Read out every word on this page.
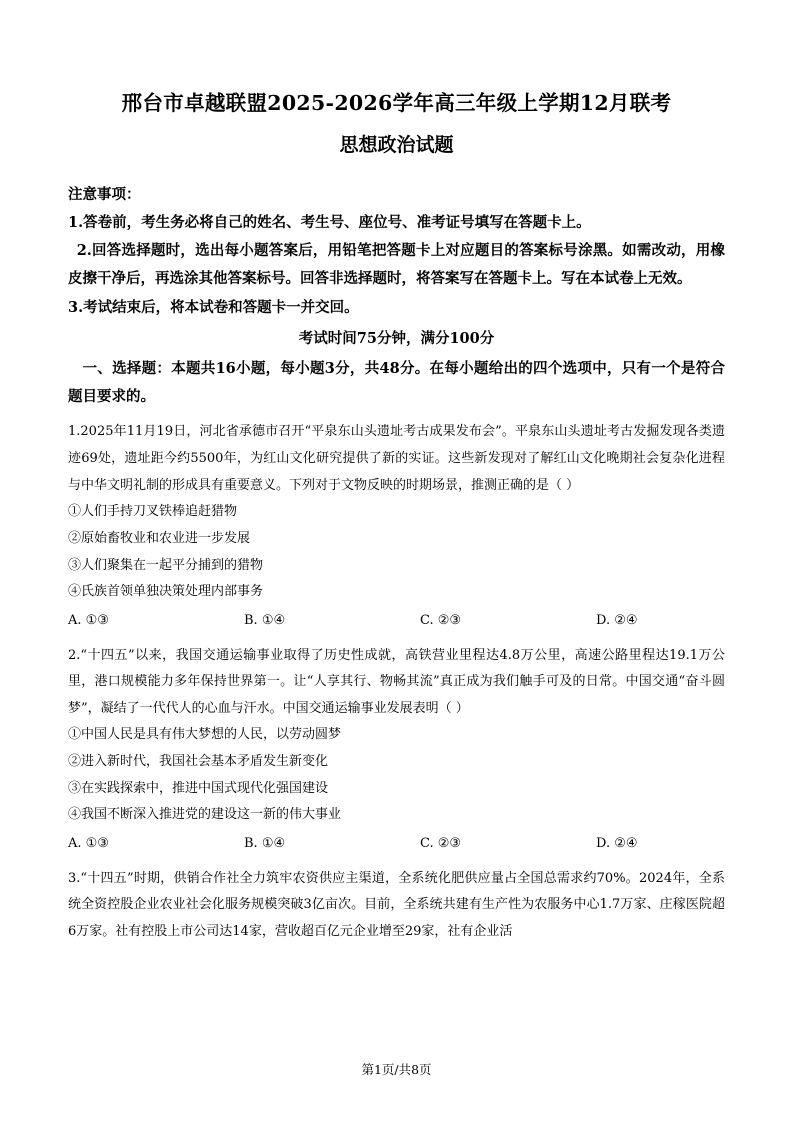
邢台市卓越联盟2025-2026学年高三年级上学期12月联考
思想政治试题
注意事项：
1.答卷前，考生务必将自己的姓名、考生号、座位号、准考证号填写在答题卡上。
2.回答选择题时，选出每小题答案后，用铅笔把答题卡上对应题目的答案标号涂黑。如需改动，用橡皮擦干净后，再选涂其他答案标号。回答非选择题时，将答案写在答题卡上。写在本试卷上无效。
3.考试结束后，将本试卷和答题卡一并交回。
考试时间75分钟，满分100分
一、选择题：本题共16小题，每小题3分，共48分。在每小题给出的四个选项中，只有一个是符合题目要求的。
1.2025年11月19日，河北省承德市召开“平泉东山头遗址考古成果发布会”。平泉东山头遗址考古发掘发现各类遗迹69处，遗址距今约5500年，为红山文化研究提供了新的实证。这些新发现对了解红山文化晚期社会复杂化进程与中华文明礼制的形成具有重要意义。下列对于文物反映的时期场景，推测正确的是（ ）
①人们手持刀叉铁棒追赶猎物
②原始畜牧业和农业进一步发展
③人们聚集在一起平分捕到的猎物
④氏族首领单独决策处理内部事务
A. ①③	B. ①④	C. ②③	D. ②④
2.“十四五”以来，我国交通运输事业取得了历史性成就，高铁营业里程达4.8万公里，高速公路里程达19.1万公里，港口规模能力多年保持世界第一。让“人享其行、物畅其流”真正成为我们触手可及的日常。中国交通“奋斗圆梦”，凝结了一代代人的心血与汗水。中国交通运输事业发展表明（ ）
①中国人民是具有伟大梦想的人民，以劳动圆梦
②进入新时代，我国社会基本矛盾发生新变化
③在实践探索中，推进中国式现代化强国建设
④我国不断深入推进党的建设这一新的伟大事业
A. ①③	B. ①④	C. ②③	D. ②④
3.“十四五”时期，供销合作社全力筑牢农资供应主渠道，全系统化肥供应量占全国总需求约70%。2024年，全系统全资控股企业农业社会化服务规模突破3亿亩次。目前，全系统共建有生产性为农服务中心1.7万家、庄稼医院超6万家。社有控股上市公司达14家，营收超百亿元企业增至29家，社有企业活
第1页/共8页
